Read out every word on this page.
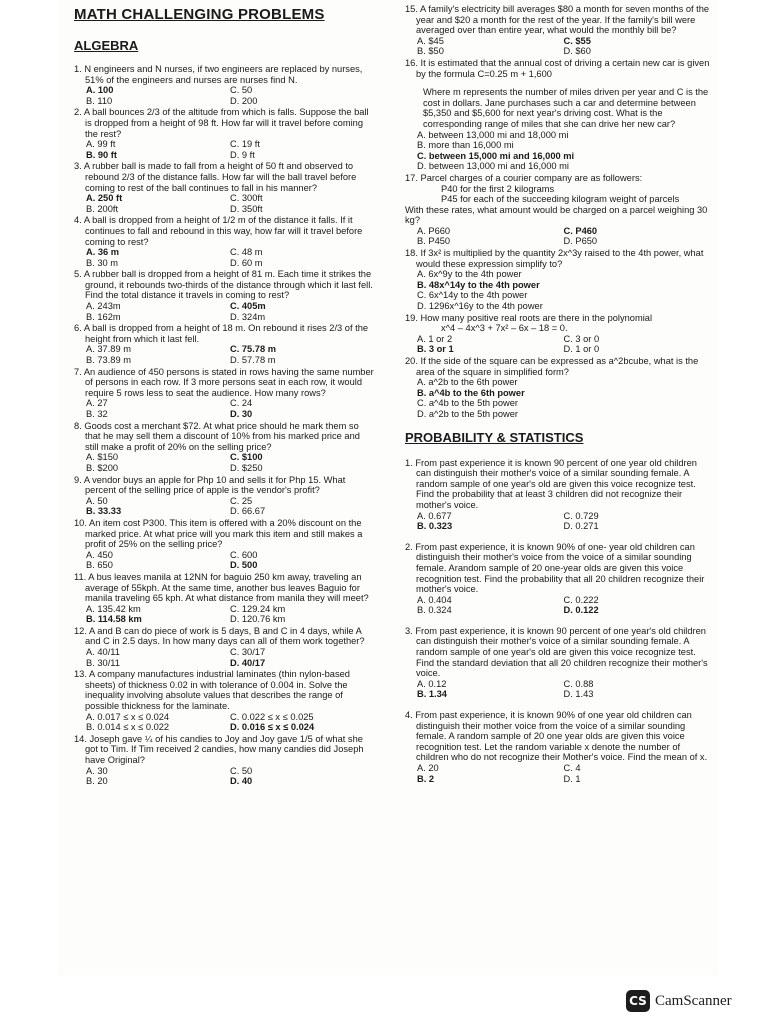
MATH CHALLENGING PROBLEMS
ALGEBRA
1. N engineers and N nurses, if two engineers are replaced by nurses, 51% of the engineers and nurses are nurses find N.
A. 100	C. 50
B. 110	D. 200
2. A ball bounces 2/3 of the altitude from which is falls. Suppose the ball is dropped from a height of 98 ft. How far will it travel before coming the rest?
A. 99 ft	C. 19 ft
B. 90 ft	D. 9 ft
3. A rubber ball is made to fall from a height of 50 ft and observed to rebound 2/3 of the distance falls. How far will the ball travel before coming to rest of the ball continues to fall in his manner?
A. 250 ft	C. 300ft
B. 200ft	D. 350ft
4. A ball is dropped from a height of 1/2 m of the distance it falls. If it continues to fall and rebound in this way, how far will it travel before coming to rest?
A. 36 m	C. 48 m
B. 30 m	D. 60 m
5. A rubber ball is dropped from a height of 81 m. Each time it strikes the ground, it rebounds two-thirds of the distance through which it last fell. Find the total distance it travels in coming to rest?
A. 243m	C. 405m
B. 162m	D. 324m
6. A ball is dropped from a height of 18 m. On rebound it rises 2/3 of the height from which it last fell.
A. 37.89 m	C. 75.78 m
B. 73.89 m	D. 57.78 m
7. An audience of 450 persons is stated in rows having the same number of persons in each row. If 3 more persons seat in each row, it would require 5 rows less to seat the audience. How many rows?
A. 27	C. 24
B. 32	D. 30
8. Goods cost a merchant $72. At what price should he mark them so that he may sell them a discount of 10% from his marked price and still make a profit of 20% on the selling price?
A. $150	C. $100
B. $200	D. $250
9. A vendor buys an apple for Php 10 and sells it for Php 15. What percent of the selling price of apple is the vendor's profit?
A. 50	C. 25
B. 33.33	D. 66.67
10. An item cost P300. This item is offered with a 20% discount on the marked price. At what price will you mark this item and still makes a profit of 25% on the selling price?
A. 450	C. 600
B. 650	D. 500
11. A bus leaves manila at 12NN for baguio 250 km away, traveling an average of 55kph. At the same time, another bus leaves Baguio for manila traveling 65 kph. At what distance from manila they will meet?
A. 135.42 km	C. 129.24 km
B. 114.58 km	D. 120.76 km
12. A and B can do piece of work is 5 days, B and C in 4 days, while A and C in 2.5 days. In how many days can all of them work together?
A. 40/11	C. 30/17
B. 30/11	D. 40/17
13. A company manufactures industrial laminates (thin nylon-based sheets) of thickness 0.02 in with tolerance of 0.004 in. Solve the inequality involving absolute values that describes the range of possible thickness for the laminate.
A. 0.017 ≤ x ≤ 0.024	C. 0.022 ≤ x ≤ 0.025
B. 0.014 ≤ x ≤ 0.022	D. 0.016 ≤ x ≤ 0.024
14. Joseph gave ¼ of his candies to Joy and Joy gave 1/5 of what she got to Tim. If Tim received 2 candies, how many candies did Joseph have Original?
A. 30	C. 50
B. 20	D. 40
15. A family's electricity bill averages $80 a month for seven months of the year and $20 a month for the rest of the year. If the family's bill were averaged over than entire year, what would the monthly bill be?
A. $45	C. $55
B. $50	D. $60
16. It is estimated that the annual cost of driving a certain new car is given by the formula C=0.25 m + 1,600
Where m represents the number of miles driven per year and C is the cost in dollars. Jane purchases such a car and determine between $5,350 and $5,600 for next year's driving cost. What is the corresponding range of miles that she can drive her new car?
A. between 13,000 mi and 18,000 mi
B. more than 16,000 mi
C. between 15,000 mi and 16,000 mi
D. between 13,000 mi and 16,000 mi
17. Parcel charges of a courier company are as followers:
P40 for the first 2 kilograms
P45 for each of the succeeding kilogram weight of parcels
With these rates, what amount would be charged on a parcel weighing 30 kg?
A. P660	C. P460
B. P450	D. P650
18. If 3x² is multiplied by the quantity 2x^3y raised to the 4th power, what would these expression simplify to?
A. 6x^9y to the 4th power
B. 48x^14y to the 4th power
C. 6x^14y to the 4th power
D. 1296x^16y to the 4th power
19. How many positive real roots are there in the polynomial
x^4 – 4x^3 + 7x² – 6x – 18 = 0.
A. 1 or 2	C. 3 or 0
B. 3 or 1	D. 1 or 0
20. If the side of the square can be expressed as a^2bcube, what is the area of the square in simplified form?
A. a^2b to the 6th power
B. a^4b to the 6th power
C. a^4b to the 5th power
D. a^2b to the 5th power
PROBABILITY & STATISTICS
1. From past experience it is known 90 percent of one year old children can distinguish their mother's voice of a similar sounding female. A random sample of one year's old are given this voice recognize test. Find the probability that at least 3 children did not recognize their mother's voice.
A. 0.677	C. 0.729
B. 0.323	D. 0.271
2. From past experience, it is known 90% of one- year old children can distinguish their mother's voice from the voice of a similar sounding female. Arandom sample of 20 one-year olds are given this voice recognition test. Find the probability that all 20 children recognize their mother's voice.
A. 0.404	C. 0.222
B. 0.324	D. 0.122
3. From past experience, it is known 90 percent of one year's old children can distinguish their mother's voice of a similar sounding female. A random sample of one year's old are given this voice recognize test. Find the standard deviation that all 20 children recognize their mother's voice.
A. 0.12	C. 0.88
B. 1.34	D. 1.43
4. From past experience, it is known 90% of one year old children can distinguish their mother voice from the voice of a similar sounding female. A random sample of 20 one year olds are given this voice recognition test. Let the random variable x denote the number of children who do not recognize their Mother's voice. Find the mean of x.
A. 20	C. 4
B. 2	D. 1
CS CamScanner
